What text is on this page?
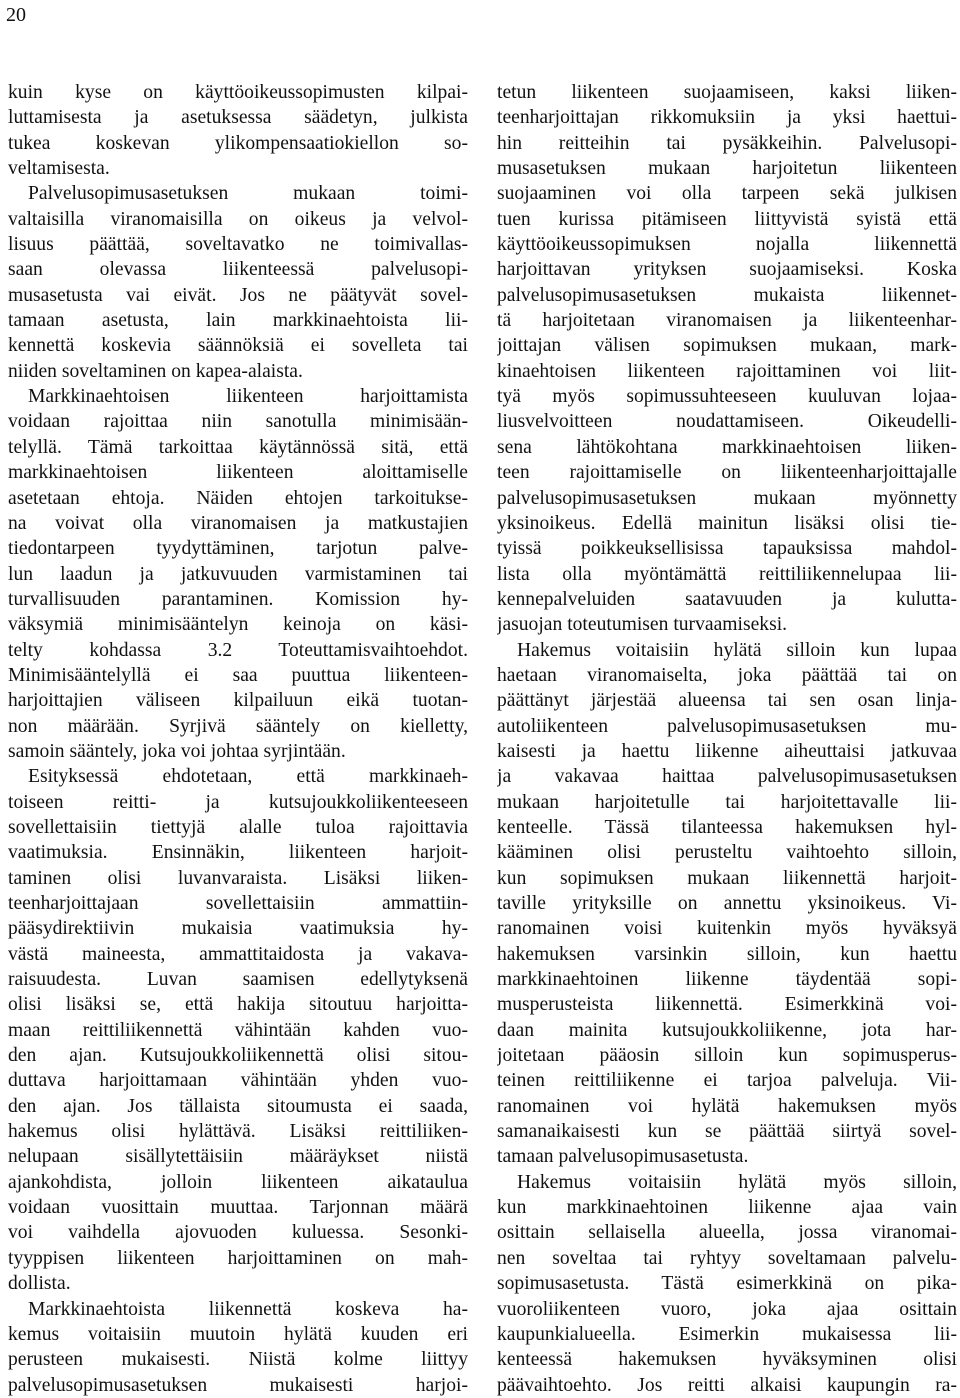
20
kuin kyse on käyttöoikeussopimusten kilpai-
luttamisesta ja asetuksessa säädetyn, julkista
tukea koskevan ylikompensaatiokiellon so-
veltamisesta.
Palvelusopimusasetuksen mukaan toimi-
valtaisilla viranomaisilla on oikeus ja velvol-
lisuus päättää, soveltavatko ne toimivallas-
saan olevassa liikenteessä palvelusopi-
musasetusta vai eivät. Jos ne päätyvät sovel-
tamaan asetusta, lain markkinaehtoista lii-
kennettä koskevia säännöksiä ei sovelleta tai
niiden soveltaminen on kapea-alaista.
Markkinaehtoisen liikenteen harjoittamista
voidaan rajoittaa niin sanotulla minimisään-
telyllä. Tämä tarkoittaa käytännössä sitä, että
markkinaehtoisen liikenteen aloittamiselle
asetetaan ehtoja. Näiden ehtojen tarkoitukse-
na voivat olla viranomaisen ja matkustajien
tiedontarpeen tyydyttäminen, tarjotun palve-
lun laadun ja jatkuvuuden varmistaminen tai
turvallisuuden parantaminen. Komission hy-
väksymiä minimisääntelyn keinoja on käsi-
telty kohdassa 3.2 Toteuttamisvaihtoehdot.
Minimisääntelyllä ei saa puuttua liikenteen-
harjoittajien väliseen kilpailuun eikä tuotan-
non määrään. Syrjivä sääntely on kielletty,
samoin sääntely, joka voi johtaa syrjintään.
Esityksessä ehdotetaan, että markkinaeh-
toiseen reitti- ja kutsujoukkoliikenteeseen
sovellettaisiin tiettyjä alalle tuloa rajoittavia
vaatimuksia. Ensinnäkin, liikenteen harjoit-
taminen olisi luvanvaraista. Lisäksi liiken-
teenharjoittajaan sovellettaisiin ammattiin-
pääsydirektiivin mukaisia vaatimuksia hy-
västä maineesta, ammattitaidosta ja vakava-
raisuudesta. Luvan saamisen edellytyksenä
olisi lisäksi se, että hakija sitoutuu harjoitta-
maan reittiliikennettä vähintään kahden vuo-
den ajan. Kutsujoukkoliikennettä olisi sitou-
duttava harjoittamaan vähintään yhden vuo-
den ajan. Jos tällaista sitoumusta ei saada,
hakemus olisi hylättävä. Lisäksi reittiliiken-
nelupaan sisällytettäisiin määräykset niistä
ajankohdista, jolloin liikenteen aikataulua
voidaan vuosittain muuttaa. Tarjonnan määrä
voi vaihdella ajovuoden kuluessa. Sesonki-
tyyppisen liikenteen harjoittaminen on mah-
dollista.
Markkinaehtoista liikennettä koskeva ha-
kemus voitaisiin muutoin hylätä kuuden eri
perusteen mukaisesti. Niistä kolme liittyy
palvelusopimusasetuksen mukaisesti harjoi-
tetun liikenteen suojaamiseen, kaksi liiken-
teenharjoittajan rikkomuksiin ja yksi haettui-
hin reitteihin tai pysäkkeihin. Palvelusopi-
musasetuksen mukaan harjoitetun liikenteen
suojaaminen voi olla tarpeen sekä julkisen
tuen kurissa pitämiseen liittyvistä syistä että
käyttöoikeussopimuksen nojalla liikennettä
harjoittavan yrityksen suojaamiseksi. Koska
palvelusopimusasetuksen mukaista liikennet-
tä harjoitetaan viranomaisen ja liikenteenhar-
joittajan välisen sopimuksen mukaan, mark-
kinaehtoisen liikenteen rajoittaminen voi liit-
tyä myös sopimussuhteeseen kuuluvan lojaa-
liusvelvoitteen noudattamiseen. Oikeudelli-
sena lähtökohtana markkinaehtoisen liiken-
teen rajoittamiselle on liikenteenharjoittajalle
palvelusopimusasetuksen mukaan myönnetty
yksinoikeus. Edellä mainitun lisäksi olisi tie-
tyissä poikkeuksellisissa tapauksissa mahdol-
lista olla myöntämättä reittiliikennelupaa lii-
kennepalveluiden saatavuuden ja kulutta-
jasuojan toteutumisen turvaamiseksi.
Hakemus voitaisiin hylätä silloin kun lupaa
haetaan viranomaiselta, joka päättää tai on
päättänyt järjestää alueensa tai sen osan linja-
autoliikenteen palvelusopimusasetuksen mu-
kaisesti ja haettu liikenne aiheuttaisi jatkuvaa
ja vakavaa haittaa palvelusopimusasetuksen
mukaan harjoitetulle tai harjoitettavalle lii-
kenteelle. Tässä tilanteessa hakemuksen hyl-
kääminen olisi perusteltu vaihtoehto silloin,
kun sopimuksen mukaan liikennettä harjoit-
taville yrityksille on annettu yksinoikeus. Vi-
ranomainen voisi kuitenkin myös hyväksyä
hakemuksen varsinkin silloin, kun haettu
markkinaehtoinen liikenne täydentää sopi-
musperusteista liikennettä. Esimerkkinä voi-
daan mainita kutsujoukkoliikenne, jota har-
joitetaan pääosin silloin kun sopimusperus-
teinen reittiliikenne ei tarjoa palveluja. Vii-
ranomainen voi hylätä hakemuksen myös
samanaikaisesti kun se päättää siirtyä sovel-
tamaan palvelusopimusasetusta.
Hakemus voitaisiin hylätä myös silloin,
kun markkinaehtoinen liikenne ajaa vain
osittain sellaisella alueella, jossa viranomai-
nen soveltaa tai ryhtyy soveltamaan palvelu-
sopimusasetusta. Tästä esimerkkinä on pika-
vuoroliikenteen vuoro, joka ajaa osittain
kaupunkialueella. Esimerkin mukaisessa lii-
kenteessä hakemuksen hyväksyminen olisi
päävaihtoehto. Jos reitti alkaisi kaupungin ra-
